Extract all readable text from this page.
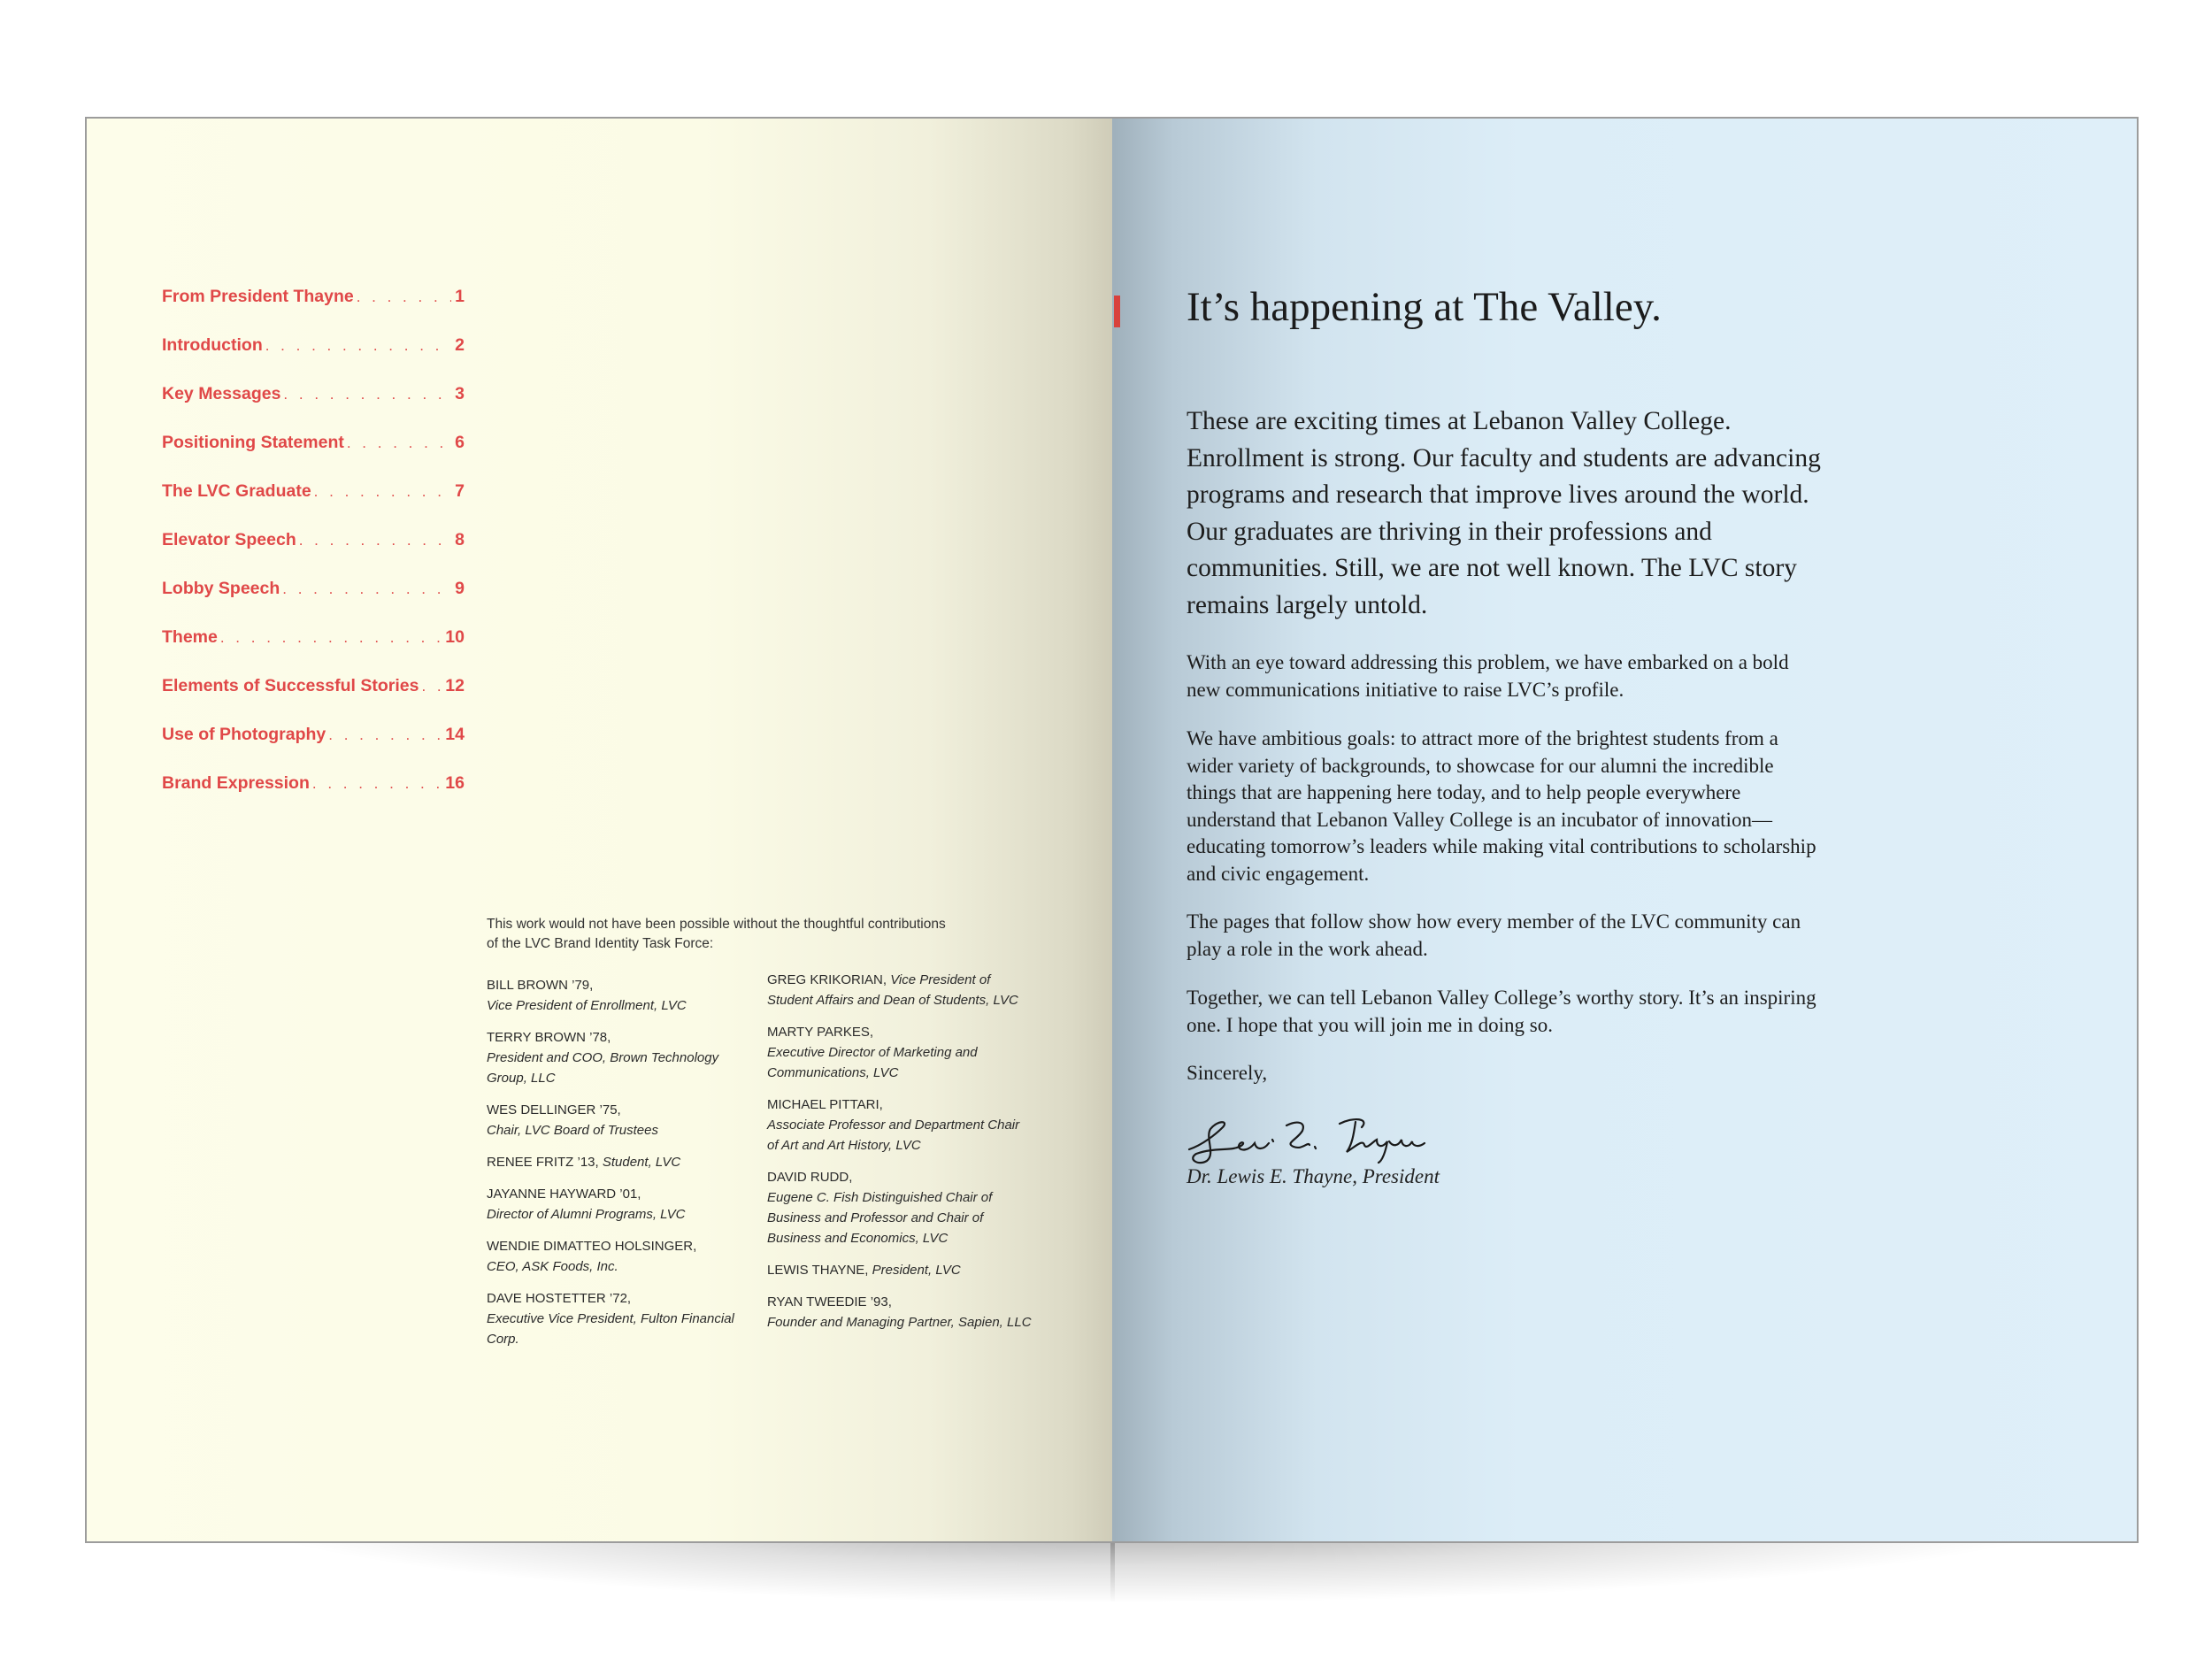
From President Thayne . . .	1
Introduction . . .	2
Key Messages . . .	3
Positioning Statement . . .	6
The LVC Graduate . . .	7
Elevator Speech . . .	8
Lobby Speech . . .	9
Theme . . .	10
Elements of Successful Stories . . . 12
Use of Photography . . .	14
Brand Expression . . .	16
This work would not have been possible without the thoughtful contributions of the LVC Brand Identity Task Force:
BILL BROWN ’79,
Vice President of Enrollment, LVC
TERRY BROWN ’78,
President and COO, Brown Technology Group, LLC
WES DELLINGER ’75,
Chair, LVC Board of Trustees
RENEE FRITZ ’13, Student, LVC
JAYANNE HAYWARD ’01,
Director of Alumni Programs, LVC
WENDIE DIMATTEO HOLSINGER,
CEO, ASK Foods, Inc.
DAVE HOSTETTER ’72,
Executive Vice President, Fulton Financial Corp.
GREG KRIKORIAN, Vice President of Student Affairs and Dean of Students, LVC
MARTY PARKES,
Executive Director of Marketing and Communications, LVC
MICHAEL PITTARI,
Associate Professor and Department Chair of Art and Art History, LVC
DAVID RUDD,
Eugene C. Fish Distinguished Chair of Business and Professor and Chair of Business and Economics, LVC
LEWIS THAYNE, President, LVC
RYAN TWEEDIE ’93,
Founder and Managing Partner, Sapien, LLC
It’s happening at The Valley.
These are exciting times at Lebanon Valley College. Enrollment is strong. Our faculty and students are advancing programs and research that improve lives around the world. Our graduates are thriving in their professions and communities. Still, we are not well known. The LVC story remains largely untold.
With an eye toward addressing this problem, we have embarked on a bold new communications initiative to raise LVC’s profile.
We have ambitious goals: to attract more of the brightest students from a wider variety of backgrounds, to showcase for our alumni the incredible things that are happening here today, and to help people everywhere understand that Lebanon Valley College is an incubator of innovation—educating tomorrow’s leaders while making vital contributions to scholarship and civic engagement.
The pages that follow show how every member of the LVC community can play a role in the work ahead.
Together, we can tell Lebanon Valley College’s worthy story. It’s an inspiring one. I hope that you will join me in doing so.
Sincerely,
Dr. Lewis E. Thayne, President
